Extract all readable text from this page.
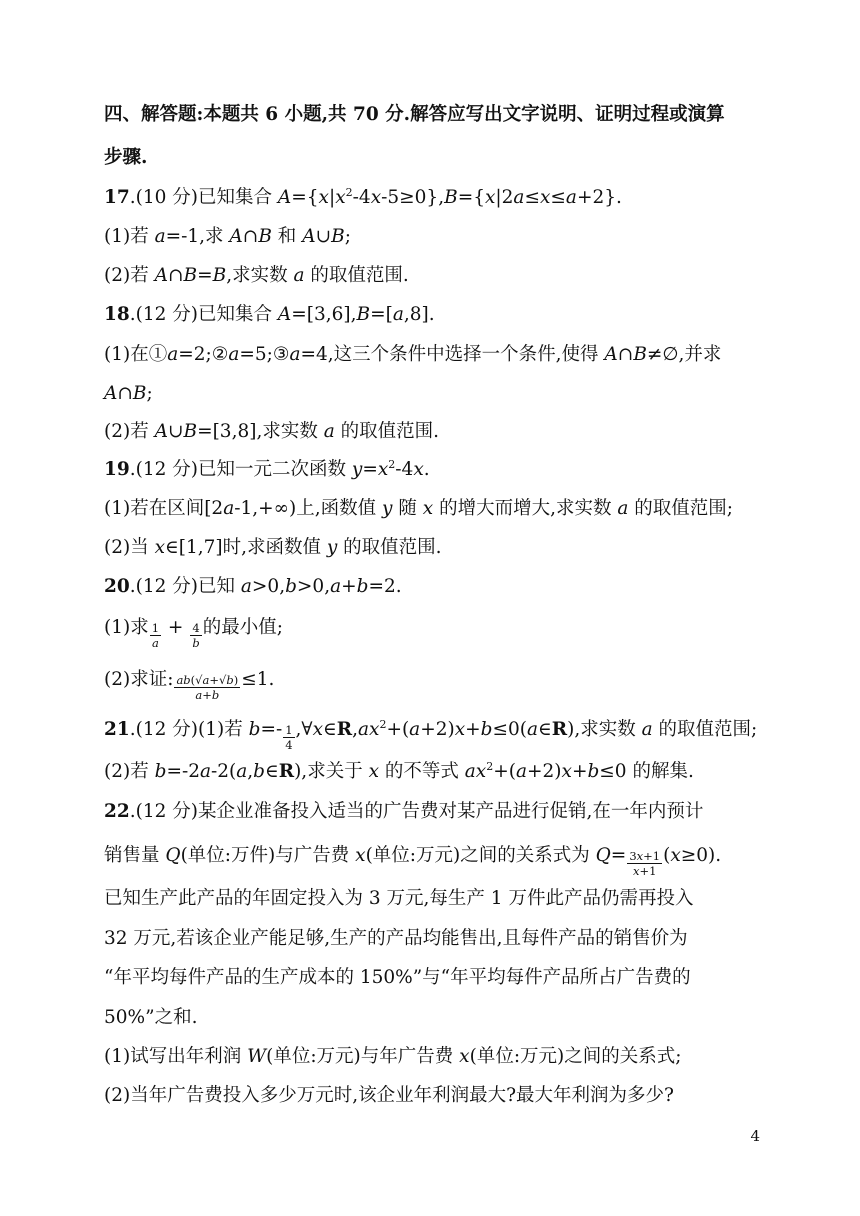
四、解答题:本题共 6 小题,共 70 分.解答应写出文字说明、证明过程或演算
步骤.
17.(10 分)已知集合 $A=\{x|x^2-4x-5\ge 0\},B=\{x|2a\le x\le a+2\}$.
(1)若 a=-1,求 A∩B 和 A∪B;
(2)若 A∩B=B,求实数 a 的取值范围.
18.(12 分)已知集合 A=[3,6],B=[a,8].
(1)在①a=2;②a=5;③a=4,这三个条件中选择一个条件,使得 A∩B≠∅,并求
A∩B;
(2)若 A∪B=[3,8],求实数 a 的取值范围.
19.(12 分)已知一元二次函数 $y=x^2-4x$.
(1)若在区间[2a-1,+∞)上,函数值 y 随 x 的增大而增大,求实数 a 的取值范围;
(2)当 x∈[1,7]时,求函数值 y 的取值范围.
20.(12 分)已知 a>0,b>0,a+b=2.
(1)求 $\frac{1}{a} + \frac{4}{b}$ 的最小值;
(2)求证: $\frac{ab(√a+√b)}{a+b} \le 1$.
21.(12 分)(1)若 $b=- \frac{1}{4}$ $,\forall x\in R,ax^2+(a+2)x+b\le 0(a\in R)$,求实数 a 的取值范围;
(2)若 b=-2a-2(a,b∈R),求关于 x 的不等式 $ax^2+(a+2)x+b\le 0$ 的解集.
22.(12 分)某企业准备投入适当的广告费对某产品进行促销,在一年内预计
销售量 Q(单位:万件)与广告费 x(单位:万元)之间的关系式为 $Q= \frac{3x+1}{x+1} (x\ge 0)$.
已知生产此产品的年固定投入为 3 万元,每生产 1 万件此产品仍需再投入
32 万元,若该企业产能足够,生产的产品均能售出,且每件产品的销售价为
“年平均每件产品的生产成本的 150%”与“年平均每件产品所占广告费的
50%”之和.
(1)试写出年利润 W(单位:万元)与年广告费 x(单位:万元)之间的关系式;
(2)当年广告费投入多少万元时,该企业年利润最大?最大年利润为多少?
4
